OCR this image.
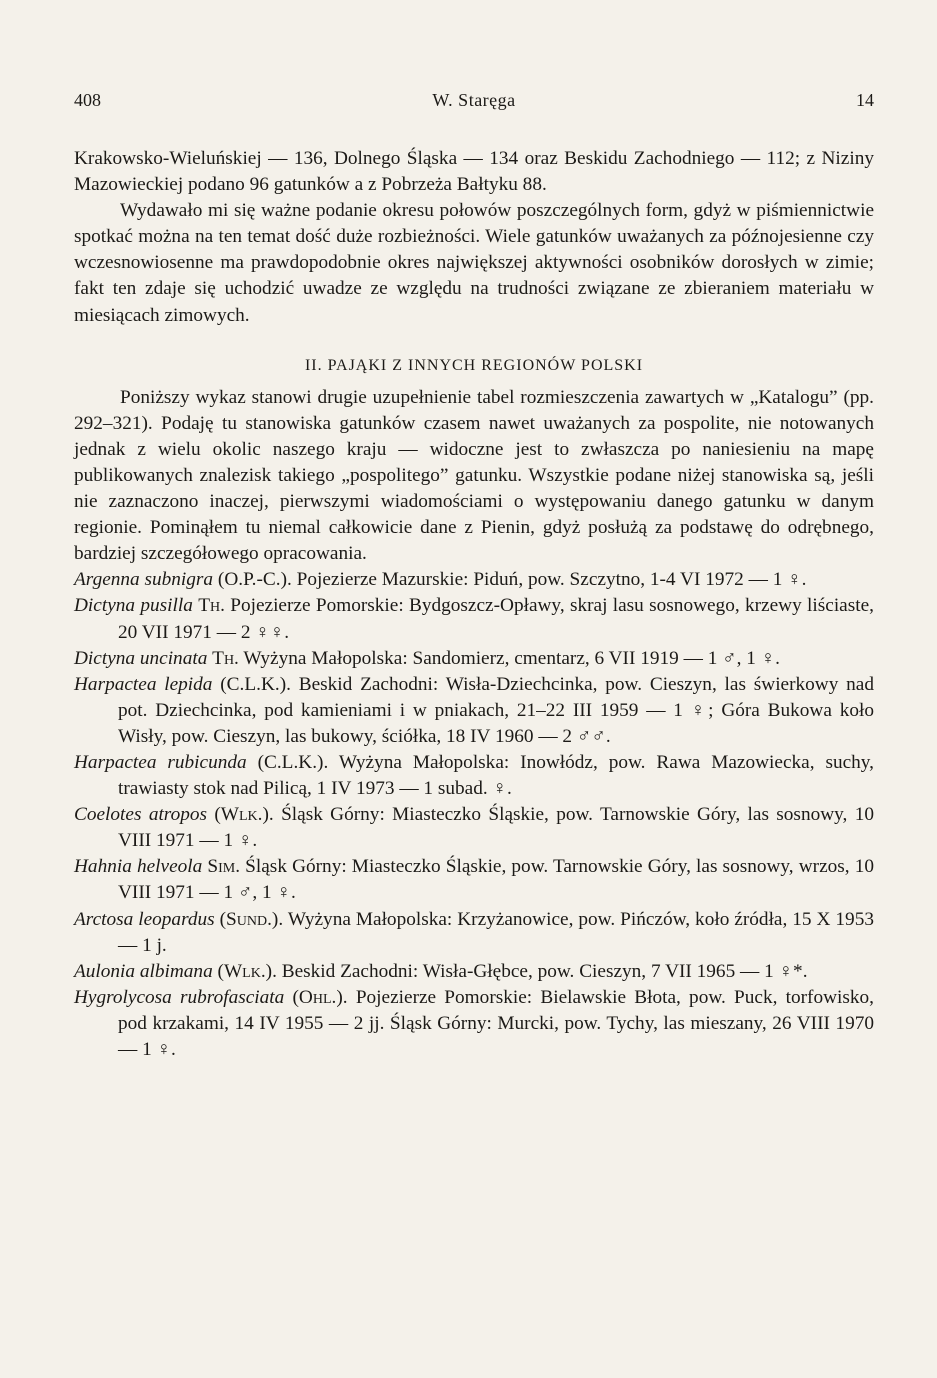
408	W. Staręga	14

Krakowsko-Wieluńskiej — 136, Dolnego Śląska — 134 oraz Beskidu Zachodniego — 112; z Niziny Mazowieckiej podano 96 gatunków a z Pobrzeża Bałtyku 88.

Wydawało mi się ważne podanie okresu połowów poszczególnych form, gdyż w piśmiennictwie spotkać można na ten temat dość duże rozbieżności. Wiele gatunków uważanych za późnojesienne czy wczesnowiosenne ma prawdopodobnie okres największej aktywności osobników dorosłych w zimie; fakt ten zdaje się uchodzić uwadze ze względu na trudności związane ze zbieraniem materiału w miesiącach zimowych.

II. PAJĄKI Z INNYCH REGIONÓW POLSKI

Poniższy wykaz stanowi drugie uzupełnienie tabel rozmieszczenia zawartych w „Katalogu” (pp. 292–321). Podaję tu stanowiska gatunków czasem nawet uważanych za pospolite, nie notowanych jednak z wielu okolic naszego kraju — widoczne jest to zwłaszcza po naniesieniu na mapę publikowanych znalezisk takiego „pospolitego” gatunku. Wszystkie podane niżej stanowiska są, jeśli nie zaznaczono inaczej, pierwszymi wiadomościami o występowaniu danego gatunku w danym regionie. Pominąłem tu niemal całkowicie dane z Pienin, gdyż posłużą za podstawę do odrębnego, bardziej szczegółowego opracowania.

Argenna subnigra (O.P.-C.). Pojezierze Mazurskie: Piduń, pow. Szczytno, 1-4 VI 1972 — 1 ♀.

Dictyna pusilla Th. Pojezierze Pomorskie: Bydgoszcz-Opławy, skraj lasu sosnowego, krzewy liściaste, 20 VII 1971 — 2 ♀♀.

Dictyna uncinata Th. Wyżyna Małopolska: Sandomierz, cmentarz, 6 VII 1919 — 1 ♂, 1 ♀.

Harpactea lepida (C.L.K.). Beskid Zachodni: Wisła-Dziechcinka, pow. Cieszyn, las świerkowy nad pot. Dziechcinka, pod kamieniami i w pniakach, 21–22 III 1959 — 1 ♀; Góra Bukowa koło Wisły, pow. Cieszyn, las bukowy, ściółka, 18 IV 1960 — 2 ♂♂.

Harpactea rubicunda (C.L.K.). Wyżyna Małopolska: Inowłódz, pow. Rawa Mazowiecka, suchy, trawiasty stok nad Pilicą, 1 IV 1973 — 1 subad. ♀.

Coelotes atropos (Wlk.). Śląsk Górny: Miasteczko Śląskie, pow. Tarnowskie Góry, las sosnowy, 10 VIII 1971 — 1 ♀.

Hahnia helveola Sim. Śląsk Górny: Miasteczko Śląskie, pow. Tarnowskie Góry, las sosnowy, wrzos, 10 VIII 1971 — 1 ♂, 1 ♀.

Arctosa leopardus (Sund.). Wyżyna Małopolska: Krzyżanowice, pow. Pińczów, koło źródła, 15 X 1953 — 1 j.

Aulonia albimana (Wlk.). Beskid Zachodni: Wisła-Głębce, pow. Cieszyn, 7 VII 1965 — 1 ♀*.

Hygrolycosa rubrofasciata (Ohl.). Pojezierze Pomorskie: Bielawskie Błota, pow. Puck, torfowisko, pod krzakami, 14 IV 1955 — 2 jj. Śląsk Górny: Murcki, pow. Tychy, las mieszany, 26 VIII 1970 — 1 ♀.
